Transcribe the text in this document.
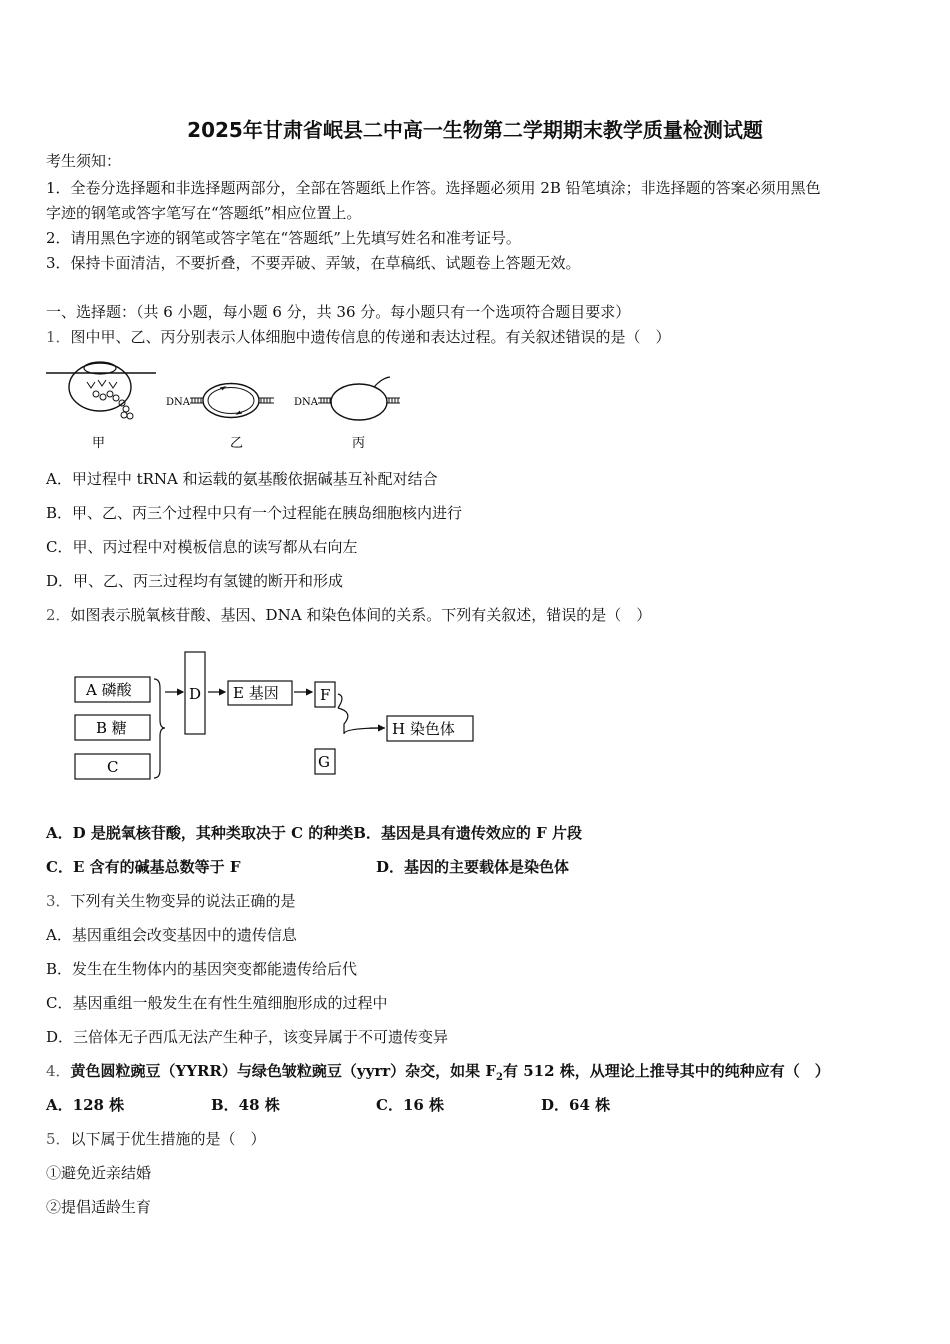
2025年甘肃省岷县二中高一生物第二学期期末教学质量检测试题
考生须知：
1．全卷分选择题和非选择题两部分，全部在答题纸上作答。选择题必须用 2B 铅笔填涂；非选择题的答案必须用黑色
字迹的钢笔或答字笔写在“答题纸”相应位置上。
2．请用黑色字迹的钢笔或答字笔在“答题纸”上先填写姓名和准考证号。
3．保持卡面清洁，不要折叠，不要弄破、弄皱，在草稿纸、试题卷上答题无效。
一、选择题：（共 6 小题，每小题 6 分，共 36 分。每小题只有一个选项符合题目要求）
1．图中甲、乙、丙分别表示人体细胞中遗传信息的传递和表达过程。有关叙述错误的是（　）
DNA	DNA
甲	乙	丙
A．甲过程中 tRNA 和运载的氨基酸依据碱基互补配对结合
B．甲、乙、丙三个过程中只有一个过程能在胰岛细胞核内进行
C．甲、丙过程中对模板信息的读写都从右向左
D．甲、乙、丙三过程均有氢键的断开和形成
2．如图表示脱氧核苷酸、基因、DNA 和染色体间的关系。下列有关叙述，错误的是（　）
A 磷酸
B 糖
C
D E 基因	F
G
H 染色体
A．D 是脱氧核苷酸，其种类取决于 C 的种类B．基因是具有遗传效应的 F 片段
C．E 含有的碱基总数等于 F	D．基因的主要载体是染色体
3．下列有关生物变异的说法正确的是
A．基因重组会改变基因中的遗传信息
B．发生在生物体内的基因突变都能遗传给后代
C．基因重组一般发生在有性生殖细胞形成的过程中
D．三倍体无子西瓜无法产生种子，该变异属于不可遗传变异
4．黄色圆粒豌豆（YYRR）与绿色皱粒豌豆（yyrr）杂交，如果 $F_2$有 512 株，从理论上推导其中的纯种应有（　）
A．128 株	B．48 株	C．16 株	D．64 株
5．以下属于优生措施的是（　）
①避免近亲结婚
②提倡适龄生育
